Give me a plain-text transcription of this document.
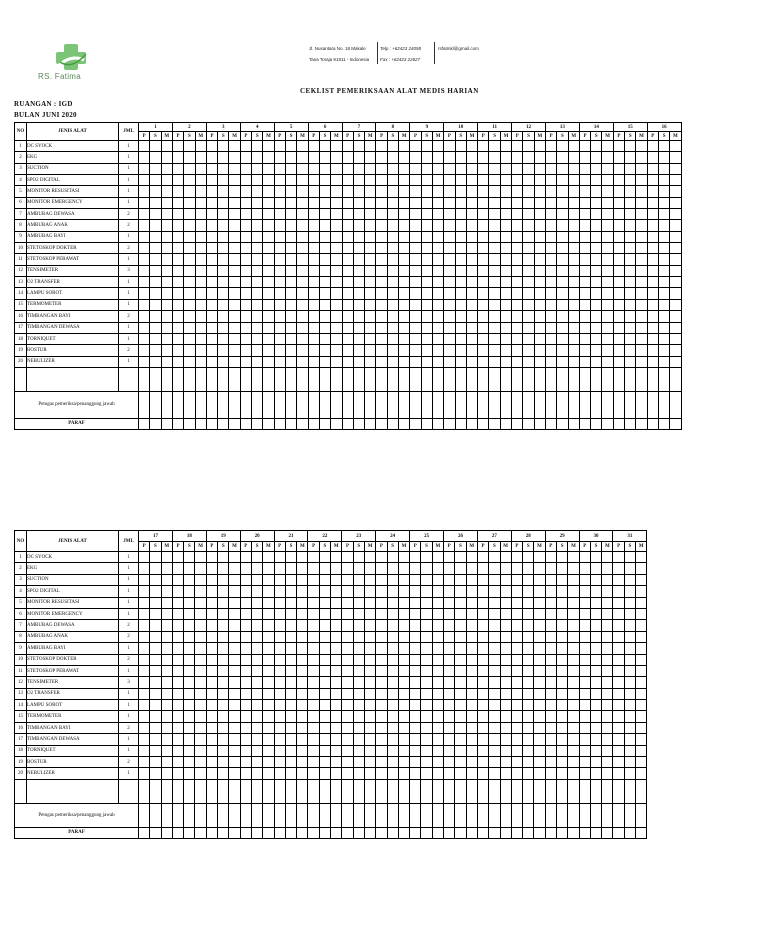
RS. Fatima
Jl. Nusantara No. 18 Makale
Tana Toraja 91811 - Indonesia
Telp : +62423 24058
Fax : +62423 22627
rsfatmkl@gmail.com
CEKLIST PEMERIKSAAN ALAT MEDIS HARIAN
RUANGAN : IGD
BULAN JUNI 2020
NO	JENIS ALAT	JML	1			2			3			4			5			6			7			8			9			10			11			12			13			14			15			16		
			P	S	M	P	S	M	P	S	M	P	S	M	P	S	M	P	S	M	P	S	M	P	S	M	P	S	M	P	S	M	P	S	M	P	S	M	P	S	M	P	S	M	P	S	M	P	S	M
1	DC SYOCK	1																																																
2	EKG	1																																																
3	SUCTION	1																																																
4	SPO2 DIGITAL	1																																																
5	MONITOR RESUSITASI	1																																																
6	MONITOR EMERGENCY	1																																																
7	AMBUBAG DEWASA	2																																																
8	AMBUBAG ANAK	2																																																
9	AMBUBAG BAYI	1																																																
10	STETOSKOP DOKTER	2																																																
11	STETOSKOP PERAWAT	1																																																
12	TENSIMETER	3																																																
13	O2 TRANSFER	1																																																
14	LAMPU SOROT	1																																																
15	TERMOMETER	1																																																
16	TIMBANGAN BAYI	2																																																
17	TIMBANGAN DEWASA	1																																																
18	TORNIQUET	1																																																
19	BOSTUR	2																																																
20	NEBULIZER	1																																																

Petugas pemeriksa/penanggung jawab																																																		
PARAF																																																		
NO	JENIS ALAT	JML	17			18			19			20			21			22			23			24			25			26			27			28			29			30			31		
			P	S	M	P	S	M	P	S	M	P	S	M	P	S	M	P	S	M	P	S	M	P	S	M	P	S	M	P	S	M	P	S	M	P	S	M	P	S	M	P	S	M	P	S	M
1	DC SYOCK	1																																													
2	EKG	1																																													
3	SUCTION	1																																													
4	SPO2 DIGITAL	1																																													
5	MONITOR RESUSITASI	1																																													
6	MONITOR EMERGENCY	1																																													
7	AMBUBAG DEWASA	2																																													
8	AMBUBAG ANAK	2																																													
9	AMBUBAG BAYI	1																																													
10	STETOSKOP DOKTER	2																																													
11	STETOSKOP PERAWAT	1																																													
12	TENSIMETER	3																																													
13	O2 TRANSFER	1																																													
14	LAMPU SOROT	1																																													
15	TERMOMETER	1																																													
16	TIMBANGAN BAYI	2																																													
17	TIMBANGAN DEWASA	1																																													
18	TORNIQUET	1																																													
19	BOSTUR	2																																													
20	NEBULIZER	1																																													

Petugas pemeriksa/penanggung jawab																																															
PARAF																																															
